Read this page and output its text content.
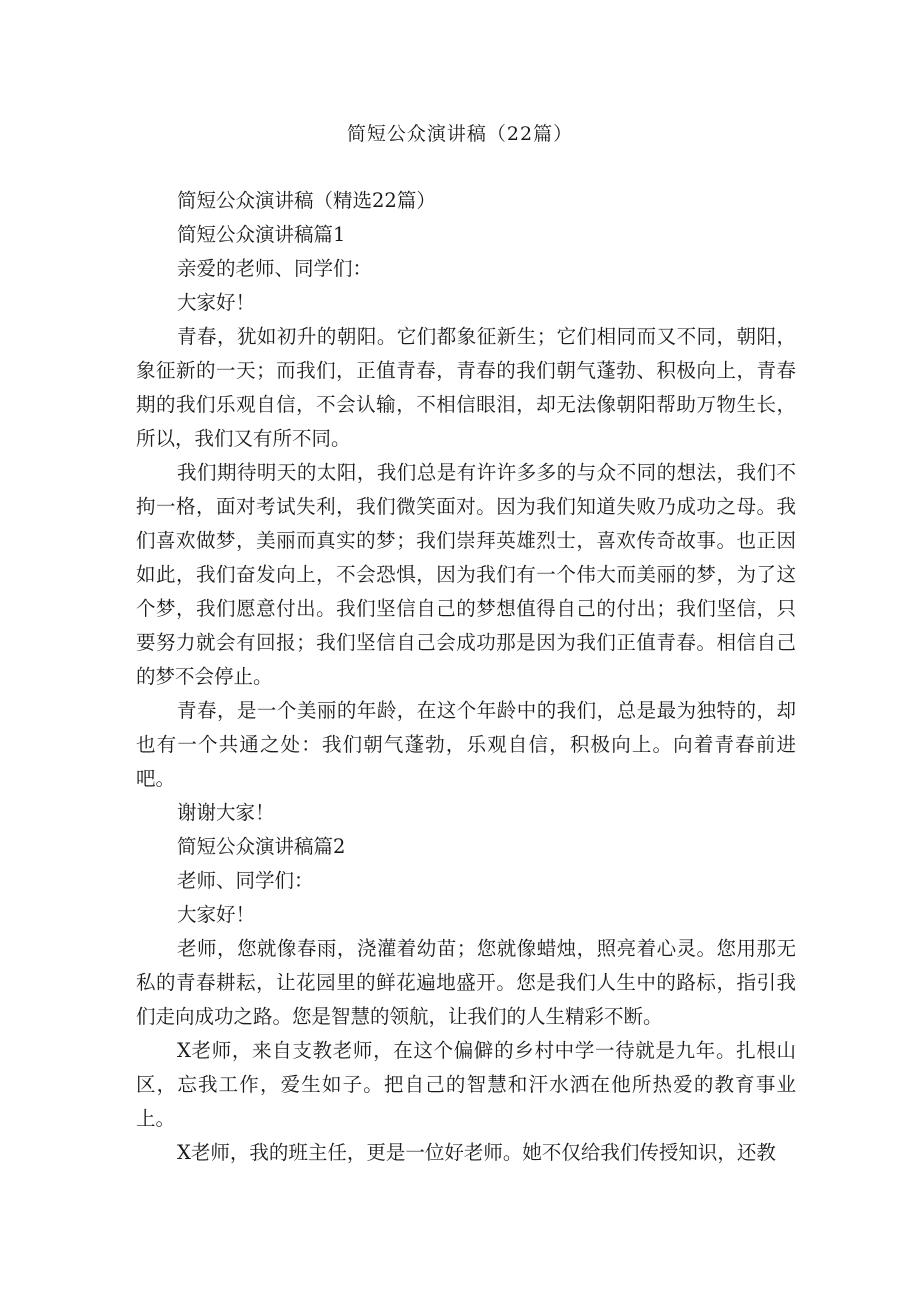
简短公众演讲稿（22篇）

简短公众演讲稿（精选22篇）

简短公众演讲稿篇1

亲爱的老师、同学们：

大家好！

青春，犹如初升的朝阳。它们都象征新生；它们相同而又不同，朝阳，象征新的一天；而我们，正值青春，青春的我们朝气蓬勃、积极向上，青春期的我们乐观自信，不会认输，不相信眼泪，却无法像朝阳帮助万物生长，所以，我们又有所不同。

我们期待明天的太阳，我们总是有许许多多的与众不同的想法，我们不拘一格，面对考试失利，我们微笑面对。因为我们知道失败乃成功之母。我们喜欢做梦，美丽而真实的梦；我们崇拜英雄烈士，喜欢传奇故事。也正因如此，我们奋发向上，不会恐惧，因为我们有一个伟大而美丽的梦，为了这个梦，我们愿意付出。我们坚信自己的梦想值得自己的付出；我们坚信，只要努力就会有回报；我们坚信自己会成功那是因为我们正值青春。相信自己的梦不会停止。

青春，是一个美丽的年龄，在这个年龄中的我们，总是最为独特的，却也有一个共通之处：我们朝气蓬勃，乐观自信，积极向上。向着青春前进吧。

谢谢大家！

简短公众演讲稿篇2

老师、同学们：

大家好！

老师，您就像春雨，浇灌着幼苗；您就像蜡烛，照亮着心灵。您用那无私的青春耕耘，让花园里的鲜花遍地盛开。您是我们人生中的路标，指引我们走向成功之路。您是智慧的领航，让我们的人生精彩不断。

X老师，来自支教老师，在这个偏僻的乡村中学一待就是九年。扎根山区，忘我工作，爱生如子。把自己的智慧和汗水洒在他所热爱的教育事业上。

X老师，我的班主任，更是一位好老师。她不仅给我们传授知识，还教
